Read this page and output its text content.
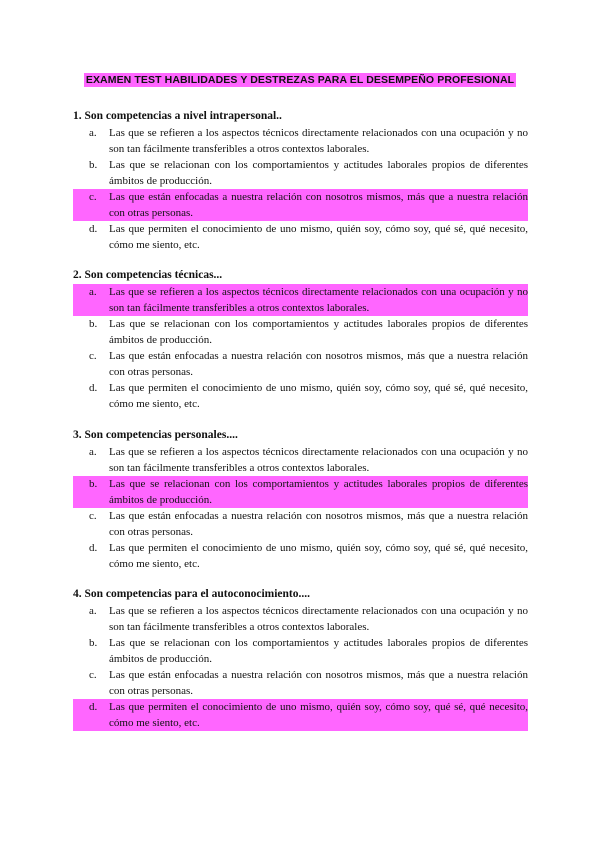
EXAMEN TEST HABILIDADES Y DESTREZAS PARA EL DESEMPEÑO PROFESIONAL
1. Son competencias a nivel intrapersonal..
a. Las que se refieren a los aspectos técnicos directamente relacionados con una ocupación y no son tan fácilmente transferibles a otros contextos laborales.
b. Las que se relacionan con los comportamientos y actitudes laborales propios de diferentes ámbitos de producción.
c. Las que están enfocadas a nuestra relación con nosotros mismos, más que a nuestra relación con otras personas.
d. Las que permiten el conocimiento de uno mismo, quién soy, cómo soy, qué sé, qué necesito, cómo me siento, etc.
2. Son competencias técnicas...
a. Las que se refieren a los aspectos técnicos directamente relacionados con una ocupación y no son tan fácilmente transferibles a otros contextos laborales.
b. Las que se relacionan con los comportamientos y actitudes laborales propios de diferentes ámbitos de producción.
c. Las que están enfocadas a nuestra relación con nosotros mismos, más que a nuestra relación con otras personas.
d. Las que permiten el conocimiento de uno mismo, quién soy, cómo soy, qué sé, qué necesito, cómo me siento, etc.
3. Son competencias personales....
a. Las que se refieren a los aspectos técnicos directamente relacionados con una ocupación y no son tan fácilmente transferibles a otros contextos laborales.
b. Las que se relacionan con los comportamientos y actitudes laborales propios de diferentes ámbitos de producción.
c. Las que están enfocadas a nuestra relación con nosotros mismos, más que a nuestra relación con otras personas.
d. Las que permiten el conocimiento de uno mismo, quién soy, cómo soy, qué sé, qué necesito, cómo me siento, etc.
4. Son competencias para el autoconocimiento....
a. Las que se refieren a los aspectos técnicos directamente relacionados con una ocupación y no son tan fácilmente transferibles a otros contextos laborales.
b. Las que se relacionan con los comportamientos y actitudes laborales propios de diferentes ámbitos de producción.
c. Las que están enfocadas a nuestra relación con nosotros mismos, más que a nuestra relación con otras personas.
d. Las que permiten el conocimiento de uno mismo, quién soy, cómo soy, qué sé, qué necesito, cómo me siento, etc.
